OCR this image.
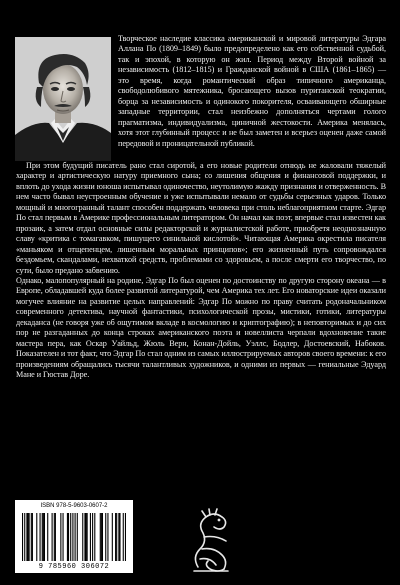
Творческое наследие классика американской и мировой литературы Эдгара Аллана По (1809–1849) было предопределено как его собственной судьбой, так и эпохой, в которую он жил. Период между Второй войной за независимость (1812–1815) и Гражданской войной в США (1861–1865) — это время, когда романтический образ типичного американца, свободолюбивого мятежника, бросающего вызов пуританской теократии, борца за независимость и одинокого покорителя, осваивающего обширные западные территории, стал неизбежно дополняться чертами голого прагматизма, индивидуализма, циничной жестокости. Америка менялась, хотя этот глубинный процесс и не был заметен и всерьез оценен даже самой передовой и проницательной публикой.

При этом будущий писатель рано стал сиротой, а его новые родители отнюдь не жаловали тяжелый характер и артистическую натуру приемного сына; со лишения общения и финансовой поддержки, и вплоть до ухода жизни юноша испытывал одиночество, неутолимую жажду признания и отверженность. В нем часто бывал неустроенным обучение и уже испытывали немало от судьбы серьезных ударов. Только мощный и многогранный талант способен поддержать человека при столь неблагоприятном старте. Эдгар По стал первым в Америке профессиональным литератором. Он начал как поэт, впервые стал известен как прозаик, а затем отдал основные силы редакторской и журналистской работе, приобретя неоднозначную славу «критика с томагавком, пишущего синильной кислотой». Читающая Америка окрестила писателя «маньяком и отщепенцем, лишенным моральных принципов»; его жизненный путь сопровождался бездомьем, скандалами, нехваткой средств, проблемами со здоровьем, а после смерти его творчество, по сути, было предано забвению.

Однако, малопопулярный на родине, Эдгар По был оценен по достоинству по другую сторону океана — в Европе, обладавшей куда более развитой литературой, чем Америка тех лет. Его новаторские идеи оказали могучее влияние на развитие целых направлений: Эдгар По можно по праву считать родоначальником современного детектива, научной фантастики, психологической прозы, мистики, готики, литературы декаданса (не говоря уже об ощутимом вкладе в космологию и криптографию); в неповторимых и до сих пор не разгаданных до конца строках американского поэта и новеллиста черпали вдохновение такие мастера пера, как Оскар Уайльд, Жюль Верн, Конан-Дойль, Уэллс, Бодлер, Достоевский, Набоков. Показателен и тот факт, что Эдгар По стал одним из самых иллюстрируемых авторов своего времени: к его произведениям обращались тысячи талантливых художников, и одними из первых — гениальные Эдуард Мане и Гюстав Доре.

ISBN 978-5-9603-0607-2
9 785960 306072
